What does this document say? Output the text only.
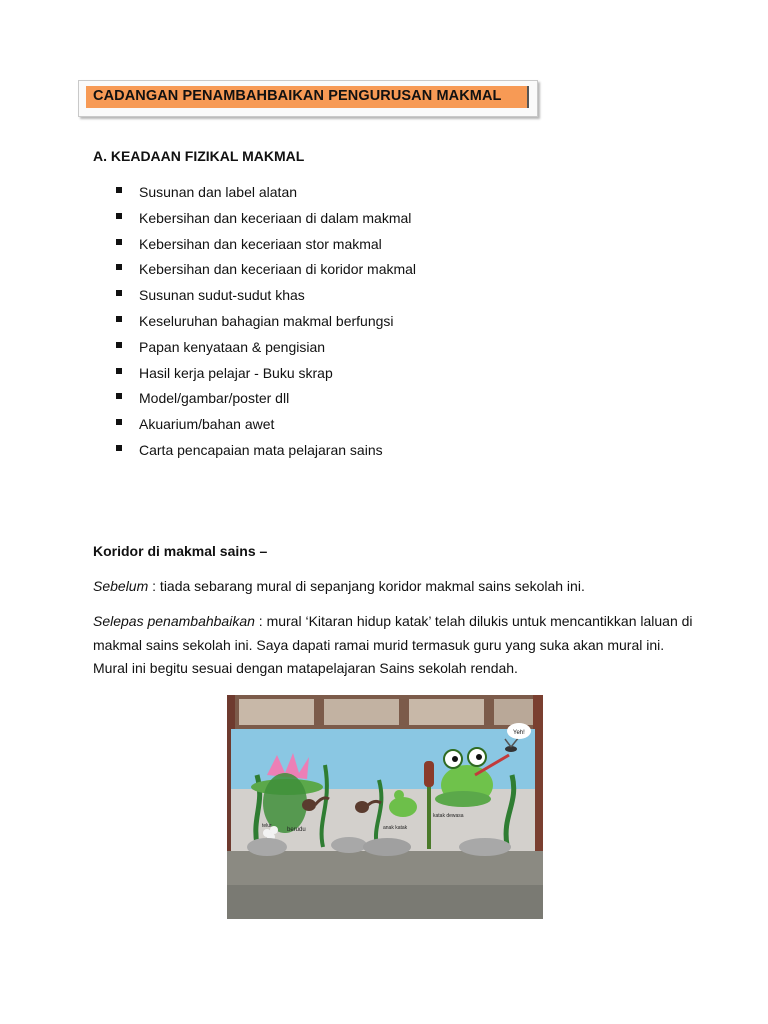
CADANGAN PENAMBAHBAIKAN PENGURUSAN MAKMAL
A. KEADAAN FIZIKAL MAKMAL
Susunan dan label alatan
Kebersihan dan keceriaan di dalam makmal
Kebersihan dan keceriaan stor makmal
Kebersihan dan keceriaan di koridor makmal
Susunan sudut-sudut khas
Keseluruhan bahagian makmal berfungsi
Papan kenyataan & pengisian
Hasil kerja pelajar - Buku skrap
Model/gambar/poster dll
Akuarium/bahan awet
Carta pencapaian mata pelajaran sains
Koridor di makmal sains –
Sebelum : tiada sebarang mural di sepanjang koridor makmal sains sekolah ini.
Selepas penambahbaikan : mural ‘Kitaran hidup katak’ telah dilukis untuk mencantikkan laluan di makmal sains sekolah ini. Saya dapati ramai murid termasuk guru yang suka akan mural ini. Mural ini begitu sesuai dengan matapelajaran Sains sekolah rendah.
Yeh!
telur
berudu	anak katak
katak dewasa
